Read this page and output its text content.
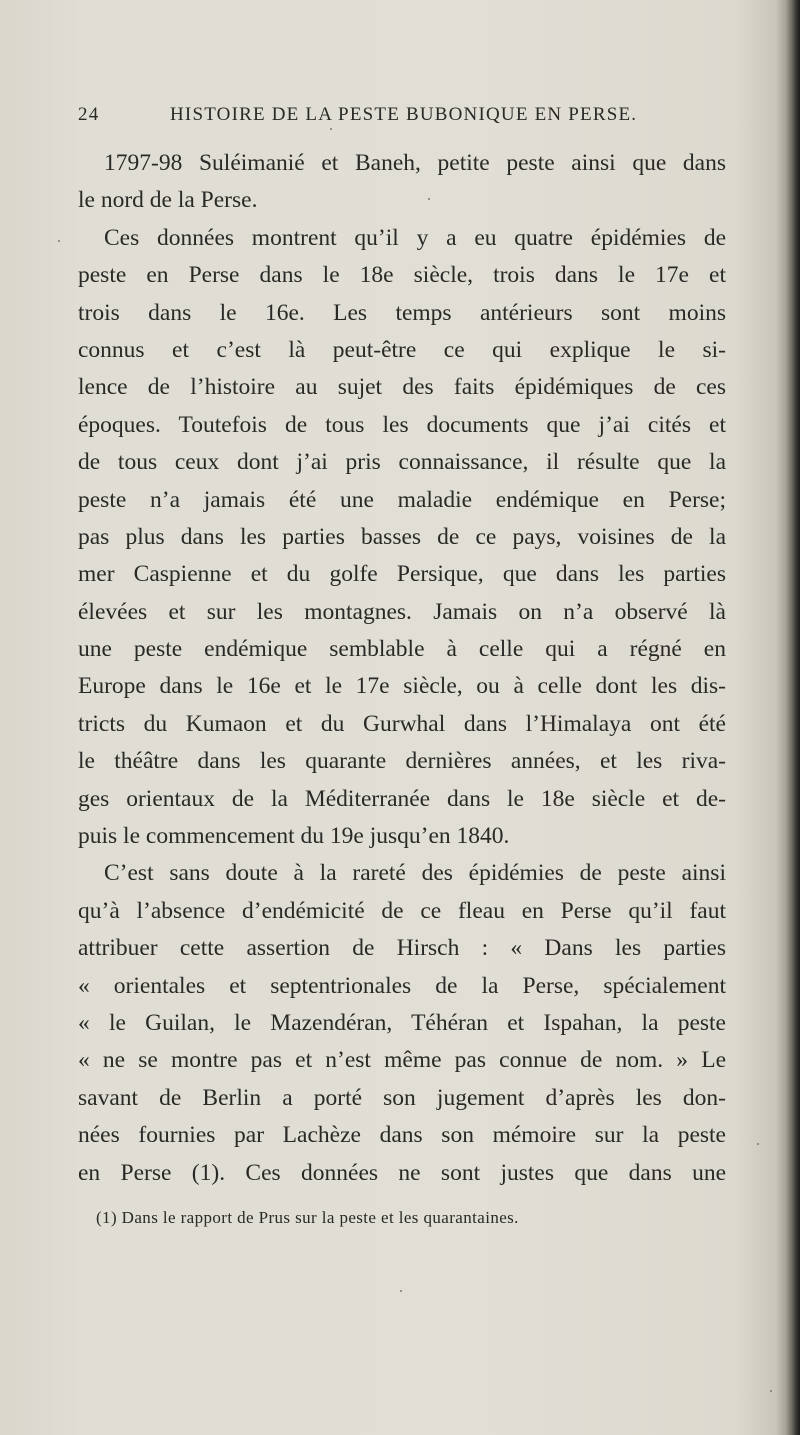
24	HISTOIRE DE LA PESTE BUBONIQUE EN PERSE.
1797-98 Suléimanié et Baneh, petite peste ainsi que dans
le nord de la Perse.
Ces données montrent qu’il y a eu quatre épidémies de
peste en Perse dans le 18e siècle, trois dans le 17e et
trois dans le 16e. Les temps antérieurs sont moins
connus et c’est là peut-être ce qui explique le si-
lence de l’histoire au sujet des faits épidémiques de ces
époques. Toutefois de tous les documents que j’ai cités et
de tous ceux dont j’ai pris connaissance, il résulte que la
peste n’a jamais été une maladie endémique en Perse;
pas plus dans les parties basses de ce pays, voisines de la
mer Caspienne et du golfe Persique, que dans les parties
élevées et sur les montagnes. Jamais on n’a observé là
une peste endémique semblable à celle qui a régné en
Europe dans le 16e et le 17e siècle, ou à celle dont les dis-
tricts du Kumaon et du Gurwhal dans l’Himalaya ont été
le théâtre dans les quarante dernières années, et les riva-
ges orientaux de la Méditerranée dans le 18e siècle et de-
puis le commencement du 19e jusqu’en 1840.
C’est sans doute à la rareté des épidémies de peste ainsi
qu’à l’absence d’endémicité de ce fleau en Perse qu’il faut
attribuer cette assertion de Hirsch : « Dans les parties
« orientales et septentrionales de la Perse, spécialement
« le Guilan, le Mazendéran, Téhéran et Ispahan, la peste
« ne se montre pas et n’est même pas connue de nom. » Le
savant de Berlin a porté son jugement d’après les don-
nées fournies par Lachèze dans son mémoire sur la peste
en Perse (1). Ces données ne sont justes que dans une
(1) Dans le rapport de Prus sur la peste et les quarantaines.
